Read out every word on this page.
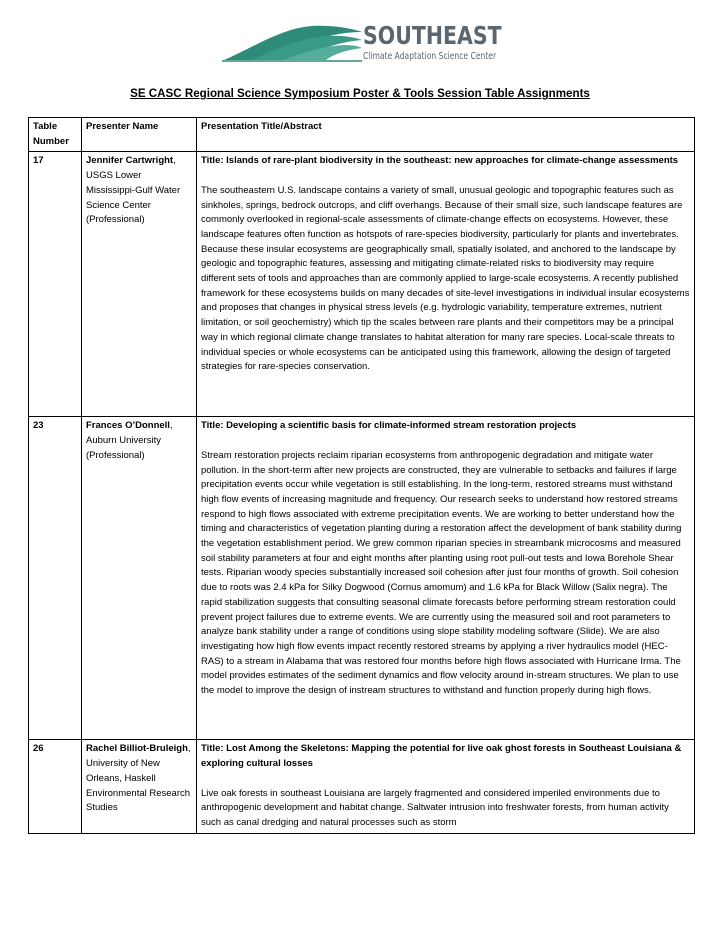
SOUTHEAST
Climate Adaptation Science Center
SE CASC Regional Science Symposium Poster & Tools Session Table Assignments
Table Number	Presenter Name	Presentation Title/Abstract
17	Jennifer Cartwright, USGS Lower Mississippi-Gulf Water Science Center (Professional)	Title: Islands of rare-plant biodiversity in the southeast: new approaches for climate-change assessments

The southeastern U.S. landscape contains a variety of small, unusual geologic and topographic features such as sinkholes, springs, bedrock outcrops, and cliff overhangs. Because of their small size, such landscape features are commonly overlooked in regional-scale assessments of climate-change effects on ecosystems. However, these landscape features often function as hotspots of rare-species biodiversity, particularly for plants and invertebrates. Because these insular ecosystems are geographically small, spatially isolated, and anchored to the landscape by geologic and topographic features, assessing and mitigating climate-related risks to biodiversity may require different sets of tools and approaches than are commonly applied to large-scale ecosystems. A recently published framework for these ecosystems builds on many decades of site-level investigations in individual insular ecosystems and proposes that changes in physical stress levels (e.g. hydrologic variability, temperature extremes, nutrient limitation, or soil geochemistry) which tip the scales between rare plants and their competitors may be a principal way in which regional climate change translates to habitat alteration for many rare species. Local-scale threats to individual species or whole ecosystems can be anticipated using this framework, allowing the design of targeted strategies for rare-species conservation.

23	Frances O’Donnell, Auburn University (Professional)	Title: Developing a scientific basis for climate-informed stream restoration projects

Stream restoration projects reclaim riparian ecosystems from anthropogenic degradation and mitigate water pollution. In the short-term after new projects are constructed, they are vulnerable to setbacks and failures if large precipitation events occur while vegetation is still establishing. In the long-term, restored streams must withstand high flow events of increasing magnitude and frequency. Our research seeks to understand how restored streams respond to high flows associated with extreme precipitation events. We are working to better understand how the timing and characteristics of vegetation planting during a restoration affect the development of bank stability during the vegetation establishment period. We grew common riparian species in streambank microcosms and measured soil stability parameters at four and eight months after planting using root pull-out tests and Iowa Borehole Shear tests. Riparian woody species substantially increased soil cohesion after just four months of growth. Soil cohesion due to roots was 2.4 kPa for Silky Dogwood (Cornus amomum) and 1.6 kPa for Black Willow (Salix negra). The rapid stabilization suggests that consulting seasonal climate forecasts before performing stream restoration could prevent project failures due to extreme events. We are currently using the measured soil and root parameters to analyze bank stability under a range of conditions using slope stability modeling software (Slide). We are also investigating how high flow events impact recently restored streams by applying a river hydraulics model (HEC-RAS) to a stream in Alabama that was restored four months before high flows associated with Hurricane Irma. The model provides estimates of the sediment dynamics and flow velocity around in-stream structures. We plan to use the model to improve the design of instream structures to withstand and function properly during high flows.

26	Rachel Billiot-Bruleigh, University of New Orleans, Haskell Environmental Research Studies	Title: Lost Among the Skeletons: Mapping the potential for live oak ghost forests in Southeast Louisiana & exploring cultural losses

Live oak forests in southeast Louisiana are largely fragmented and considered imperiled environments due to anthropogenic development and habitat change. Saltwater intrusion into freshwater forests, from human activity such as canal dredging and natural processes such as storm
